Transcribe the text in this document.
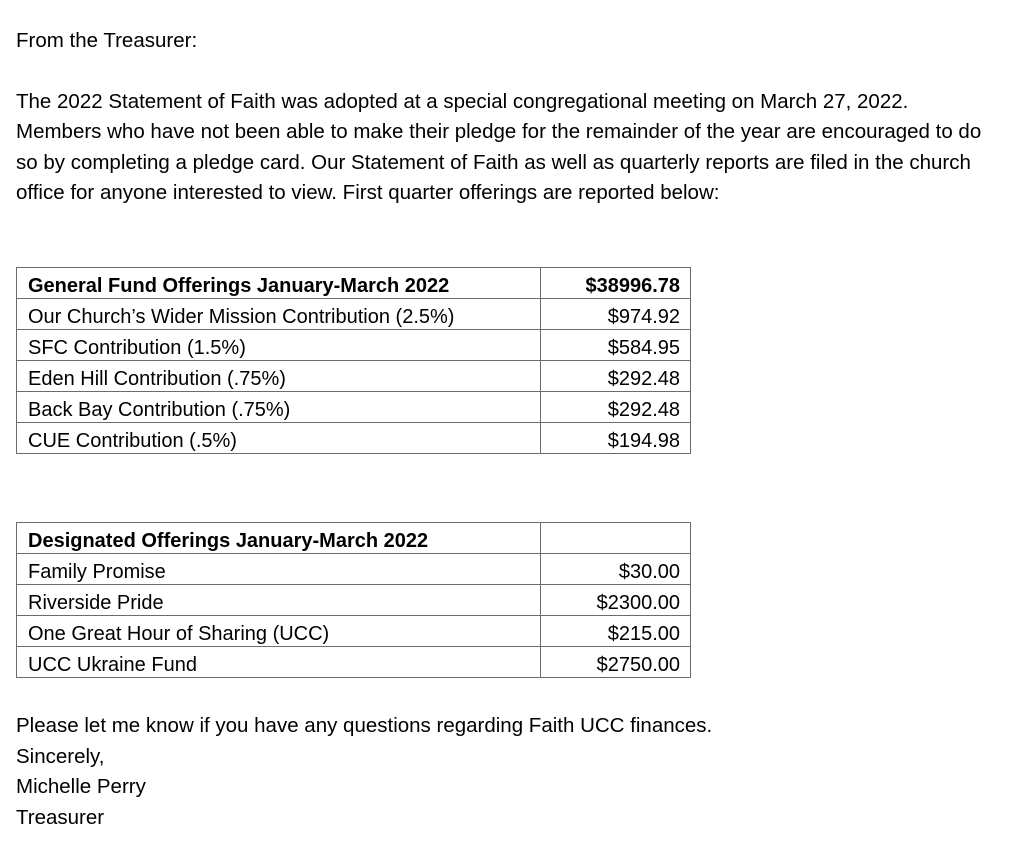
From the Treasurer:

The 2022 Statement of Faith was adopted at a special congregational meeting on March 27, 2022. Members who have not been able to make their pledge for the remainder of the year are encouraged to do so by completing a pledge card. Our Statement of Faith as well as quarterly reports are filed in the church office for anyone interested to view. First quarter offerings are reported below:

General Fund Offerings January-March 2022	$38996.78
Our Church’s Wider Mission Contribution (2.5%)	$974.92
SFC Contribution (1.5%)	$584.95
Eden Hill Contribution (.75%)	$292.48
Back Bay Contribution (.75%)	$292.48
CUE Contribution (.5%)	$194.98
Designated Offerings January-March 2022	
Family Promise	$30.00
Riverside Pride	$2300.00
One Great Hour of Sharing (UCC)	$215.00
UCC Ukraine Fund	$2750.00

Please let me know if you have any questions regarding Faith UCC finances.

Sincerely,

Michelle Perry

Treasurer
